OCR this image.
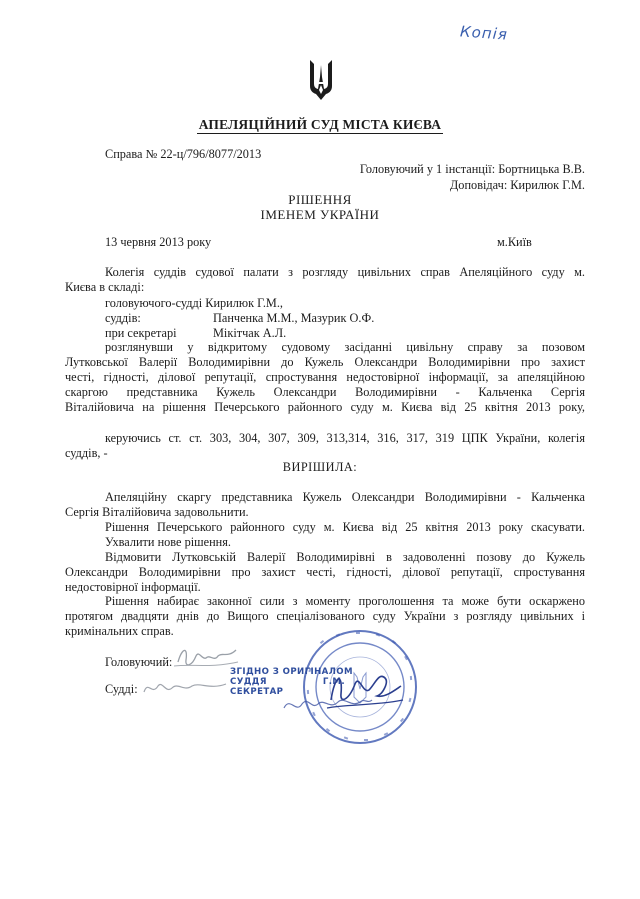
Копія
АПЕЛЯЦІЙНИЙ СУД МІСТА КИЄВА
Справа № 22-ц/796/8077/2013
Головуючий у 1 інстанції: Бортницька В.В.
Доповідач: Кирилюк Г.М.
РІШЕННЯ
ІМЕНЕМ УКРАЇНИ
13 червня 2013 року	м.Київ
Колегія суддів судової палати з розгляду цивільних справ Апеляційного суду м.
Києва в складі:
головуючого-судді Кирилюк Г.М.,
суддів:	Панченка М.М., Мазурик О.Ф.
при секретарі	Мікітчак А.Л.
розглянувши у відкритому судовому засіданні цивільну справу за позовом
Лутковської Валерії Володимирівни до Кужель Олександри Володимирівни про захист
честі, гідності, ділової репутації, спростування недостовірної інформації, за апеляційною
скаргою представника Кужель Олександри Володимирівни - Кальченка Сергія
Віталійовича на рішення Печерського районного суду м. Києва від 25 квітня 2013 року,
керуючись ст. ст. 303, 304, 307, 309, 313,314, 316, 317, 319 ЦПК України, колегія
суддів, -
ВИРІШИЛА:
Апеляційну скаргу представника Кужель Олександри Володимирівни - Кальченка
Сергія Віталійовича задовольнити.
Рішення Печерського районного суду м. Києва від 25 квітня 2013 року скасувати.
Ухвалити нове рішення.
Відмовити Лутковській Валерії Володимирівні в задоволенні позову до Кужель
Олександри Володимирівни про захист честі, гідності, ділової репутації, спростування
недостовірної інформації.
Рішення набирає законної сили з моменту проголошення та може бути оскаржено
протягом двадцяти днів до Вищого спеціалізованого суду України з розгляду цивільних і
кримінальних справ.
Головуючий:
Судді:
ЗГІДНО З ОРИГІНАЛОМ
СУДДЯ	Г.М.
СЕКРЕТАР
